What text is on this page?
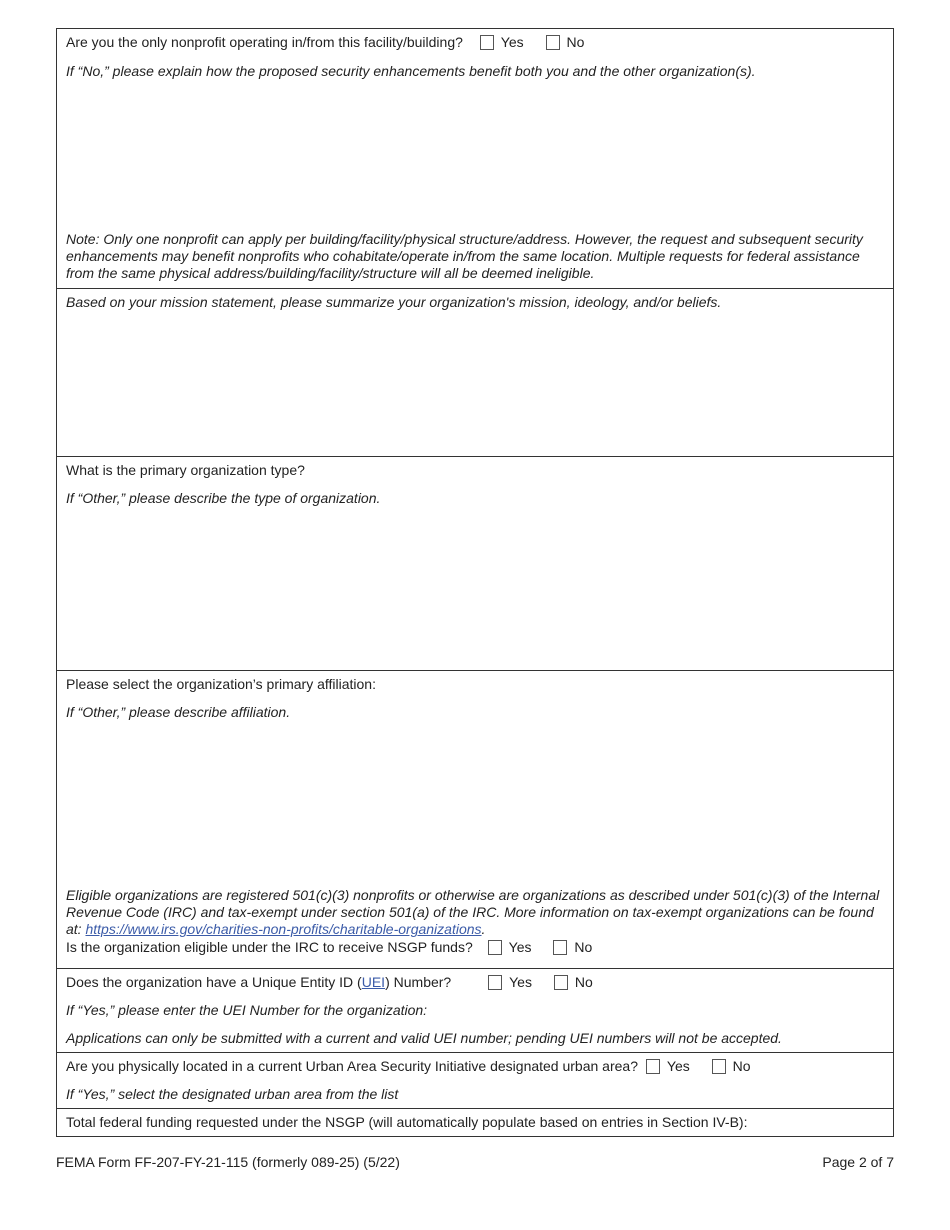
Are you the only nonprofit operating in/from this facility/building?	Yes	No
If “No,” please explain how the proposed security enhancements benefit both you and the other organization(s).
Note: Only one nonprofit can apply per building/facility/physical structure/address. However, the request and subsequent security enhancements may benefit nonprofits who cohabitate/operate in/from the same location. Multiple requests for federal assistance from the same physical address/building/facility/structure will all be deemed ineligible.
Based on your mission statement, please summarize your organization's mission, ideology, and/or beliefs.
What is the primary organization type?
If “Other,” please describe the type of organization.
Please select the organization’s primary affiliation:
If “Other,” please describe affiliation.
Eligible organizations are registered 501(c)(3) nonprofits or otherwise are organizations as described under 501(c)(3) of the Internal Revenue Code (IRC) and tax-exempt under section 501(a) of the IRC. More information on tax-exempt organizations can be found at: https://www.irs.gov/charities-non-profits/charitable-organizations.
Is the organization eligible under the IRC to receive NSGP funds?	Yes	No
Does the organization have a Unique Entity ID (UEI) Number?	Yes	No
If “Yes,” please enter the UEI Number for the organization:
Applications can only be submitted with a current and valid UEI number; pending UEI numbers will not be accepted.
Are you physically located in a current Urban Area Security Initiative designated urban area? Yes	No
If “Yes,” select the designated urban area from the list
Total federal funding requested under the NSGP (will automatically populate based on entries in Section IV-B):
FEMA Form FF-207-FY-21-115 (formerly 089-25) (5/22)	Page 2 of 7
